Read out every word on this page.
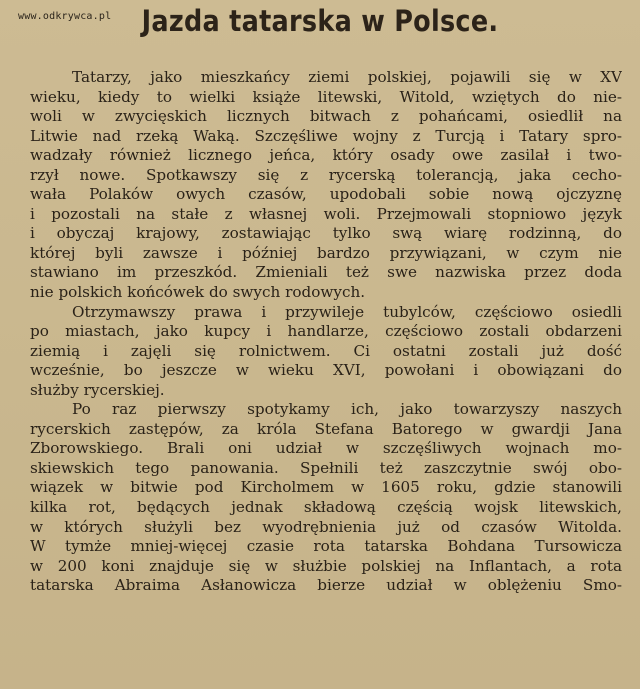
www.odkrywca.pl	Jazda tatarska w Polsce.
Tatarzy, jako mieszkańcy ziemi polskiej, pojawili się w XV
wieku, kiedy to wielki książe litewski, Witold, wziętych do nie-
woli w zwycięskich licznych bitwach z pohańcami, osiedlił na
Litwie nad rzeką Waką. Szczęśliwe wojny z Turcją i Tatary spro-
wadzały również licznego jeńca, który osady owe zasilał i two-
rzył nowe. Spotkawszy się z rycerską tolerancją, jaka cecho-
wała Polaków owych czasów, upodobali sobie nową ojczyznę
i pozostali na stałe z własnej woli. Przejmowali stopniowo język
i obyczaj krajowy, zostawiając tylko swą wiarę rodzinną, do
której byli zawsze i później bardzo przywiązani, w czym nie
stawiano im przeszkód. Zmieniali też swe nazwiska przez doda
nie polskich końcówek do swych rodowych.
Otrzymawszy prawa i przywileje tubylców, częściowo osiedli
po miastach, jako kupcy i handlarze, częściowo zostali obdarzeni
ziemią i zajęli się rolnictwem. Ci ostatni zostali już dość
wcześnie, bo jeszcze w wieku XVI, powołani i obowiązani do
służby rycerskiej.
Po raz pierwszy spotykamy ich, jako towarzyszy naszych
rycerskich zastępów, za króla Stefana Batorego w gwardji Jana
Zborowskiego. Brali oni udział w szczęśliwych wojnach mo-
skiewskich tego panowania. Spełnili też zaszczytnie swój obo-
wiązek w bitwie pod Kircholmem w 1605 roku, gdzie stanowili
kilka rot, będących jednak składową częścią wojsk litewskich,
w których służyli bez wyodrębnienia już od czasów Witolda.
W tymże mniej-więcej czasie rota tatarska Bohdana Tursowicza
w 200 koni znajduje się w służbie polskiej na Inflantach, a rota
tatarska Abraima Asłanowicza bierze udział w oblężeniu Smo-
